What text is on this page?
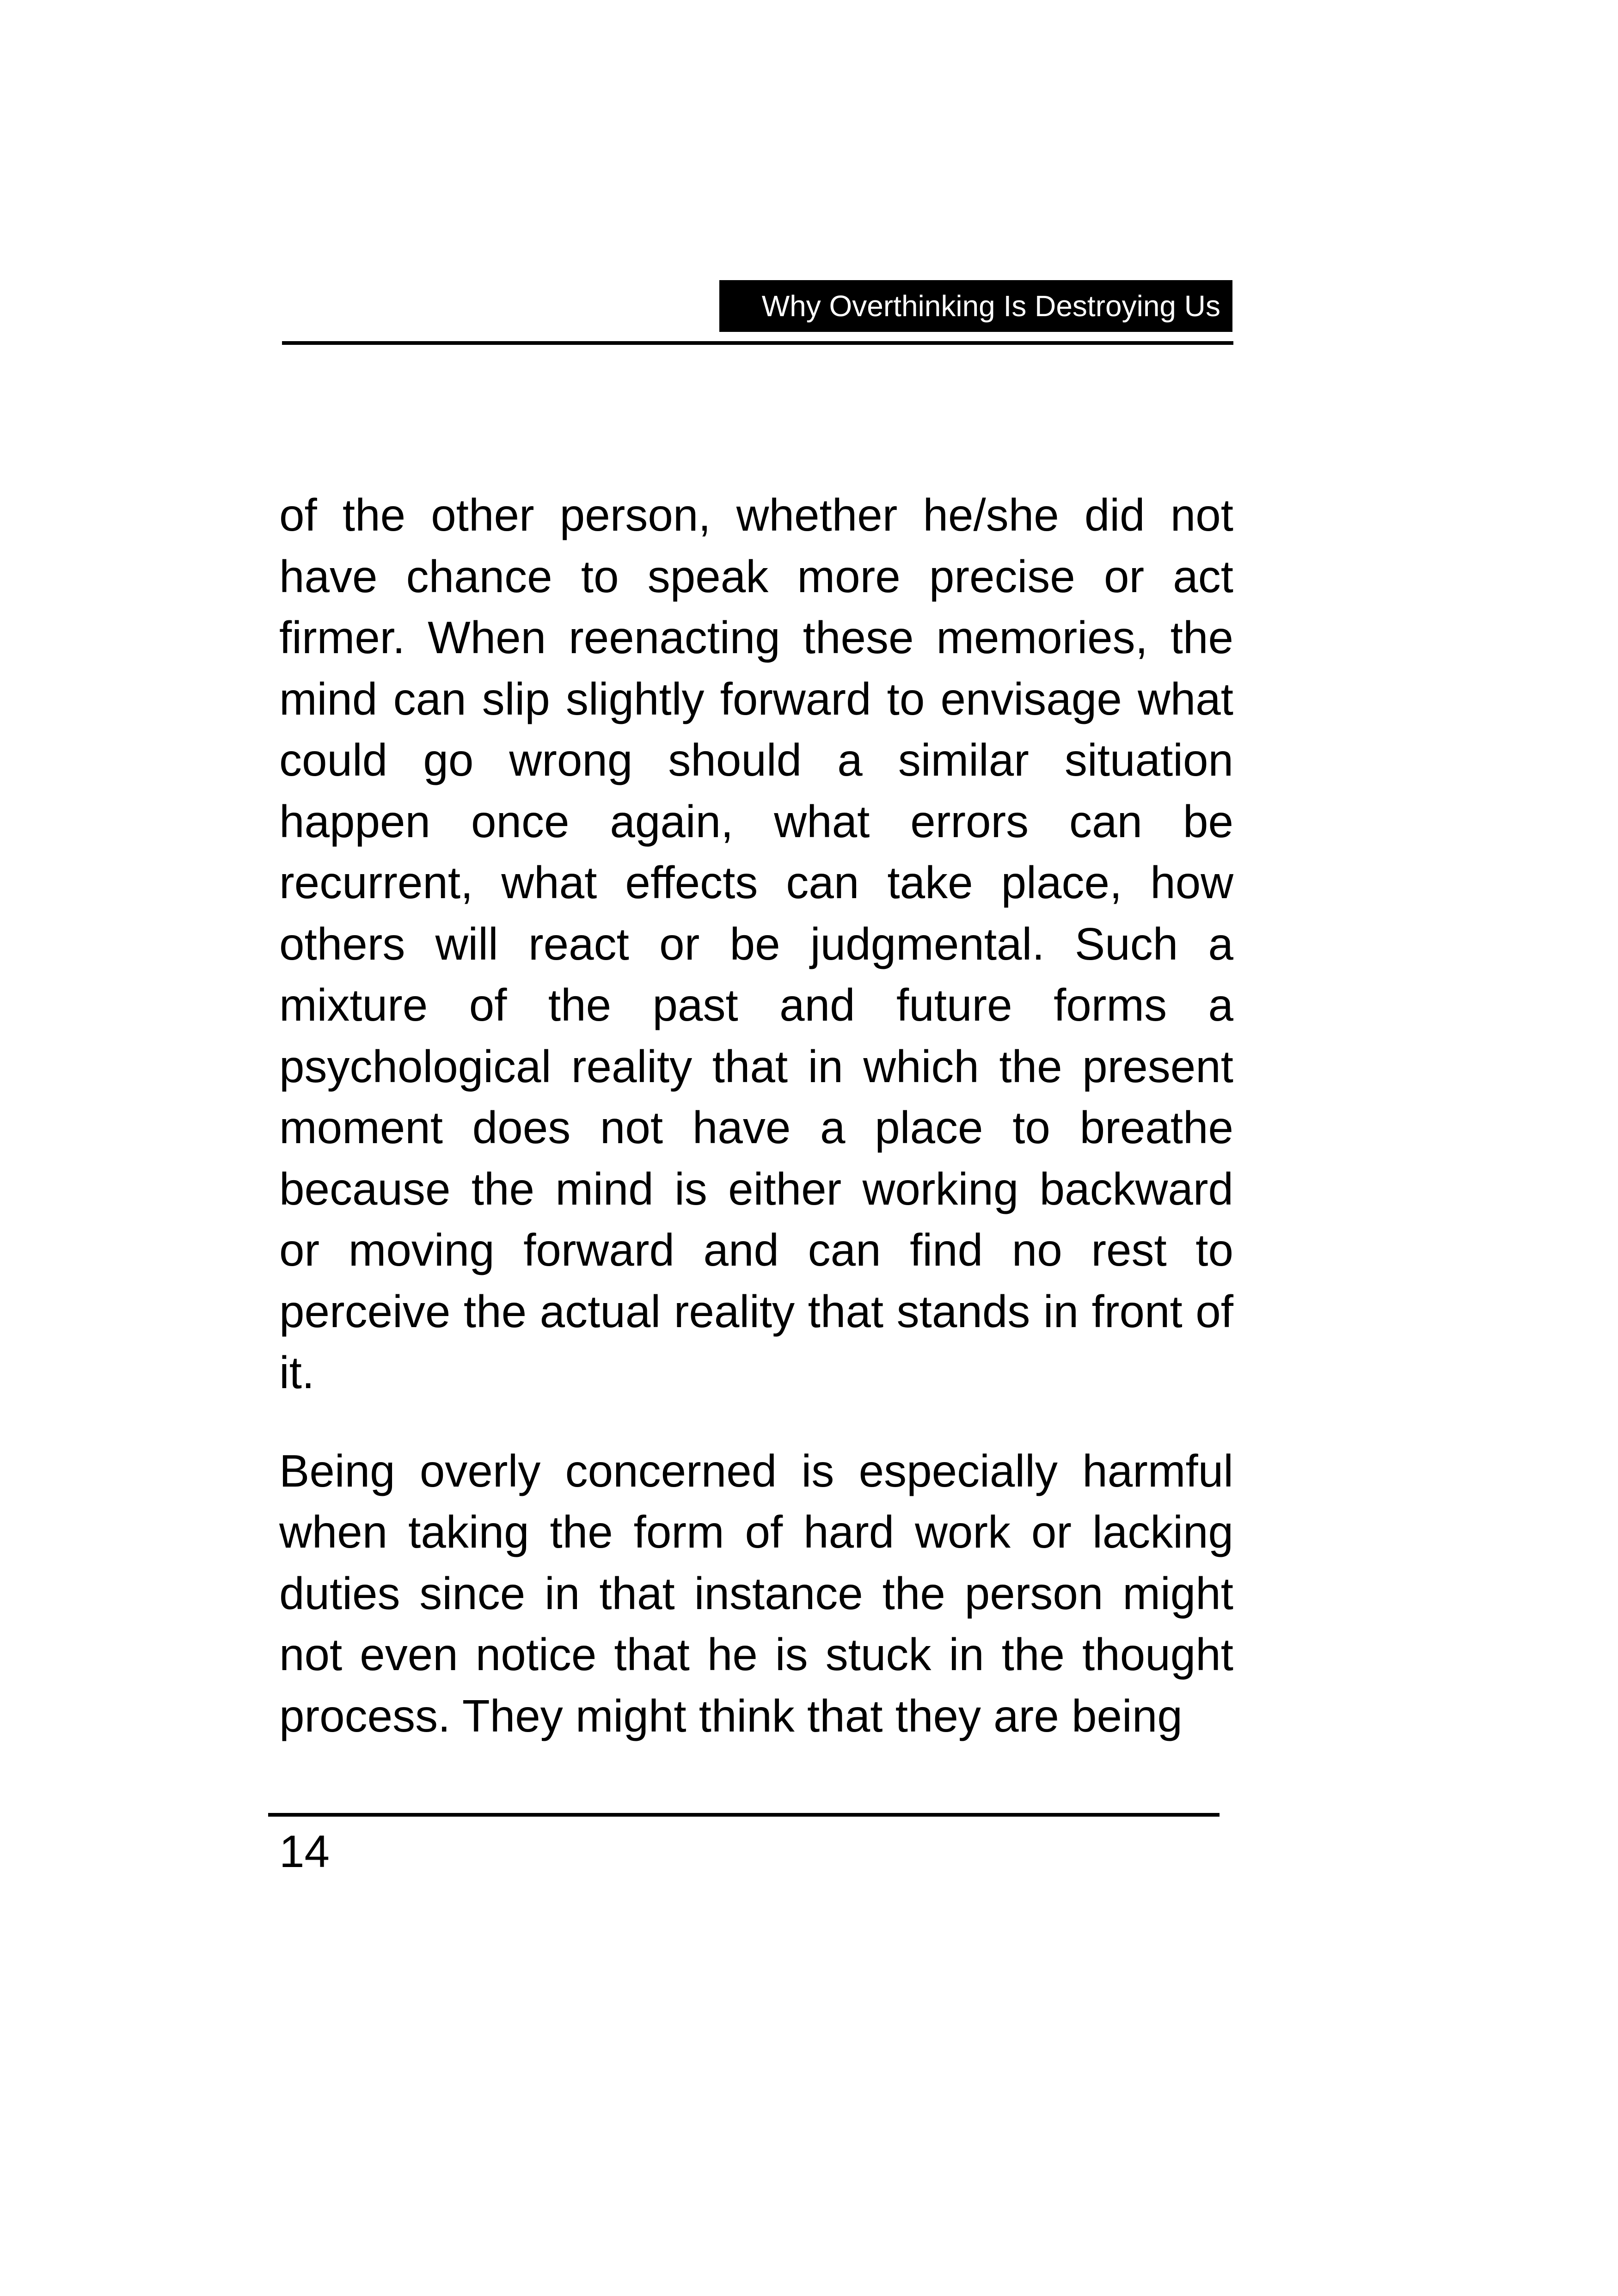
Why Overthinking Is Destroying Us

of the other person, whether he/she did not have chance to speak more precise or act firmer. When reenacting these memories, the mind can slip slightly forward to envisage what could go wrong should a similar situation happen once again, what errors can be recurrent, what effects can take place, how others will react or be judgmental. Such a mixture of the past and future forms a psychological reality that in which the present moment does not have a place to breathe because the mind is either working backward or moving forward and can find no rest to perceive the actual reality that stands in front of it.

Being overly concerned is especially harmful when taking the form of hard work or lacking duties since in that instance the person might not even notice that he is stuck in the thought process. They might think that they are being

14
